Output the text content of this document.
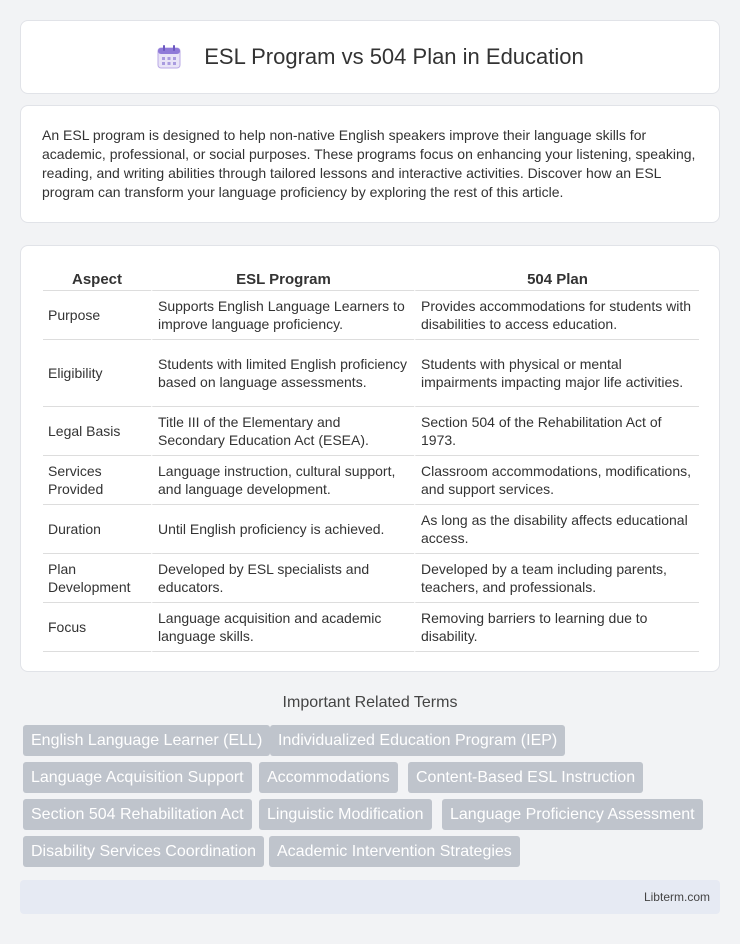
ESL Program vs 504 Plan in Education

An ESL program is designed to help non-native English speakers improve their language skills for academic, professional, or social purposes. These programs focus on enhancing your listening, speaking, reading, and writing abilities through tailored lessons and interactive activities. Discover how an ESL program can transform your language proficiency by exploring the rest of this article.

Aspect	ESL Program	504 Plan
Purpose	Supports English Language Learners to improve language proficiency.	Provides accommodations for students with disabilities to access education.
Eligibility	Students with limited English proficiency based on language assessments.	Students with physical or mental impairments impacting major life activities.
Legal Basis	Title III of the Elementary and Secondary Education Act (ESEA).	Section 504 of the Rehabilitation Act of 1973.
Services Provided	Language instruction, cultural support, and language development.	Classroom accommodations, modifications, and support services.
Duration	Until English proficiency is achieved.	As long as the disability affects educational access.
Plan Development	Developed by ESL specialists and educators.	Developed by a team including parents, teachers, and professionals.
Focus	Language acquisition and academic language skills.	Removing barriers to learning due to disability.
Important Related Terms
English Language Learner (ELL) Individualized Education Program (IEP)
Language Acquisition Support	Accommodations	Content-Based ESL Instruction
Section 504 Rehabilitation Act	Linguistic Modification	Language Proficiency Assessment
Disability Services Coordination	Academic Intervention Strategies
Libterm.com
